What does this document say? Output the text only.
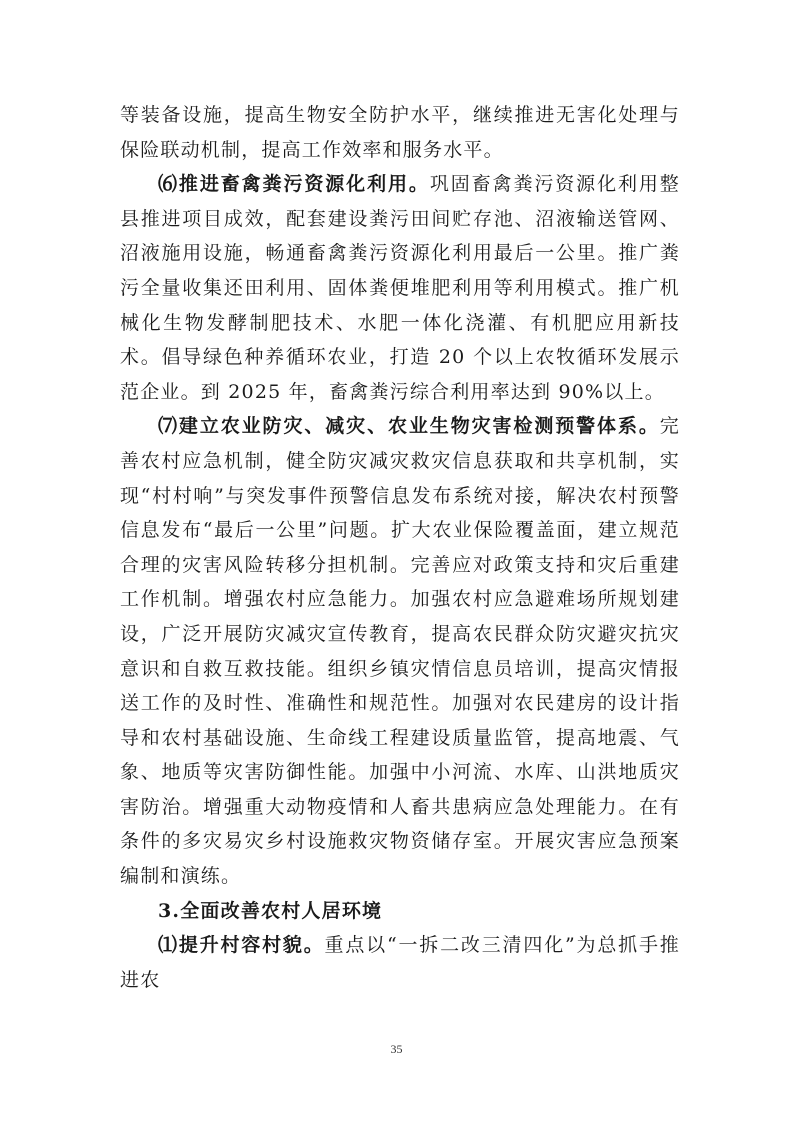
等装备设施，提高生物安全防护水平，继续推进无害化处理与保险联动机制，提高工作效率和服务水平。

⑹推进畜禽粪污资源化利用。巩固畜禽粪污资源化利用整县推进项目成效，配套建设粪污田间贮存池、沼液输送管网、沼液施用设施，畅通畜禽粪污资源化利用最后一公里。推广粪污全量收集还田利用、固体粪便堆肥利用等利用模式。推广机械化生物发酵制肥技术、水肥一体化浇灌、有机肥应用新技术。倡导绿色种养循环农业，打造 20 个以上农牧循环发展示范企业。到 2025 年，畜禽粪污综合利用率达到 90%以上。

⑺建立农业防灾、减灾、农业生物灾害检测预警体系。完善农村应急机制，健全防灾减灾救灾信息获取和共享机制，实现“村村响”与突发事件预警信息发布系统对接，解决农村预警信息发布“最后一公里”问题。扩大农业保险覆盖面，建立规范合理的灾害风险转移分担机制。完善应对政策支持和灾后重建工作机制。增强农村应急能力。加强农村应急避难场所规划建设，广泛开展防灾减灾宣传教育，提高农民群众防灾避灾抗灾意识和自救互救技能。组织乡镇灾情信息员培训，提高灾情报送工作的及时性、准确性和规范性。加强对农民建房的设计指导和农村基础设施、生命线工程建设质量监管，提高地震、气象、地质等灾害防御性能。加强中小河流、水库、山洪地质灾害防治。增强重大动物疫情和人畜共患病应急处理能力。在有条件的多灾易灾乡村设施救灾物资储存室。开展灾害应急预案编制和演练。

3.全面改善农村人居环境

⑴提升村容村貌。重点以“一拆二改三清四化”为总抓手推进农

35
